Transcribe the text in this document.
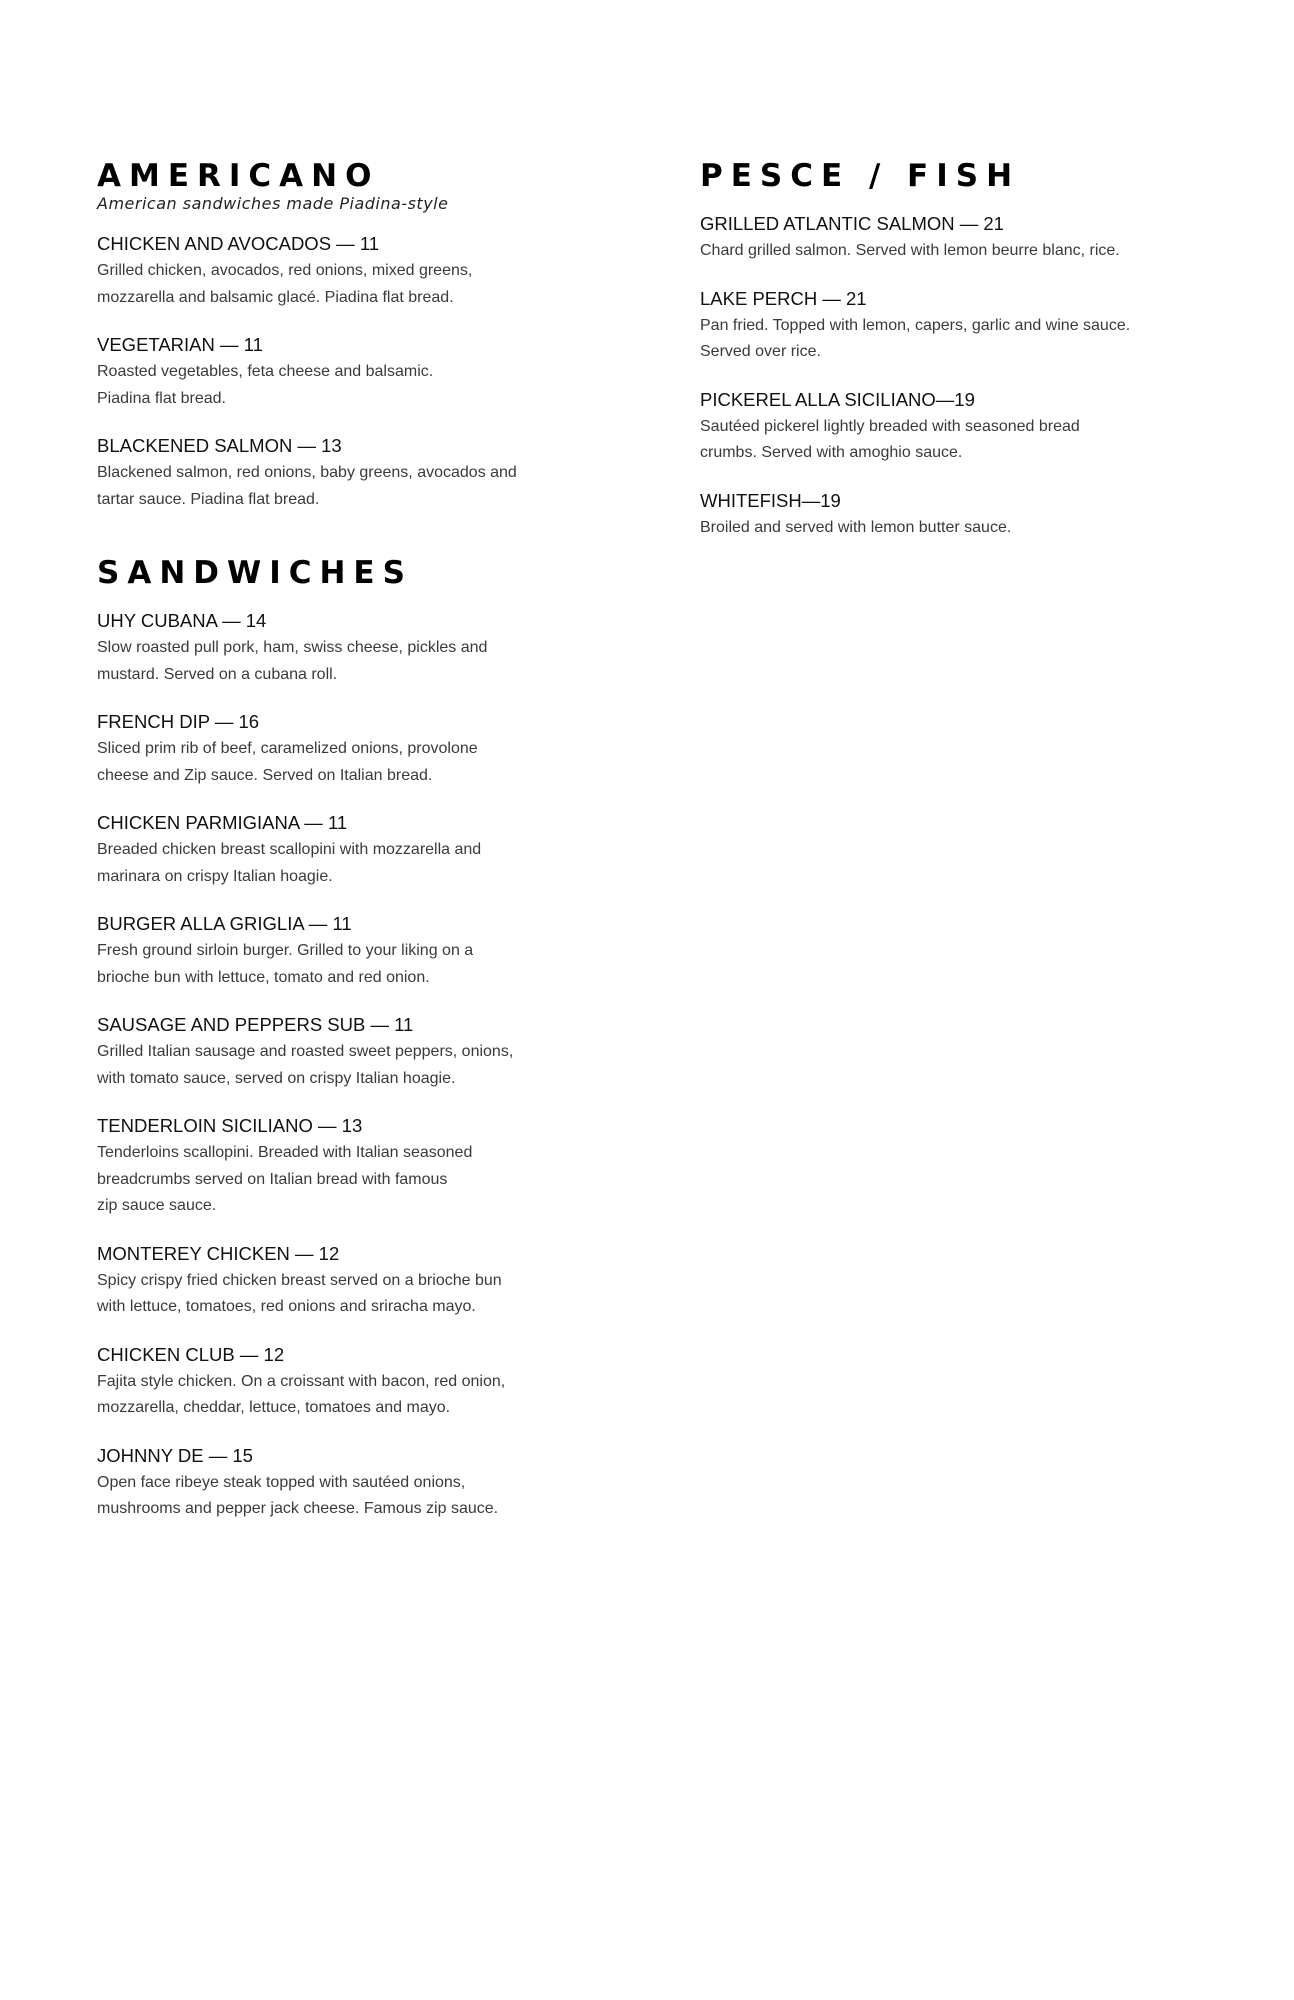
AMERICANO

American sandwiches made Piadina-style

CHICKEN AND AVOCADOS — 11

Grilled chicken, avocados, red onions, mixed greens,
mozzarella and balsamic glacé. Piadina flat bread.

VEGETARIAN — 11

Roasted vegetables, feta cheese and balsamic.
Piadina flat bread.

BLACKENED SALMON — 13

Blackened salmon, red onions, baby greens, avocados and
tartar sauce. Piadina flat bread.

SANDWICHES

UHY CUBANA — 14

Slow roasted pull pork, ham, swiss cheese, pickles and
mustard. Served on a cubana roll.

FRENCH DIP — 16

Sliced prim rib of beef, caramelized onions, provolone
cheese and Zip sauce. Served on Italian bread.

CHICKEN PARMIGIANA — 11

Breaded chicken breast scallopini with mozzarella and
marinara on crispy Italian hoagie.

BURGER ALLA GRIGLIA — 11

Fresh ground sirloin burger. Grilled to your liking on a
brioche bun with lettuce, tomato and red onion.

SAUSAGE AND PEPPERS SUB — 11

Grilled Italian sausage and roasted sweet peppers, onions,
with tomato sauce, served on crispy Italian hoagie.

TENDERLOIN SICILIANO — 13

Tenderloins scallopini. Breaded with Italian seasoned
breadcrumbs served on Italian bread with famous
zip sauce sauce.

MONTEREY CHICKEN — 12

Spicy crispy fried chicken breast served on a brioche bun
with lettuce, tomatoes, red onions and sriracha mayo.

CHICKEN CLUB — 12

Fajita style chicken. On a croissant with bacon, red onion,
mozzarella, cheddar, lettuce, tomatoes and mayo.

JOHNNY DE — 15

Open face ribeye steak topped with sautéed onions,
mushrooms and pepper jack cheese. Famous zip sauce.

PESCE / FISH

GRILLED ATLANTIC SALMON — 21

Chard grilled salmon. Served with lemon beurre blanc, rice.

LAKE PERCH — 21

Pan fried. Topped with lemon, capers, garlic and wine sauce.
Served over rice.

PICKEREL ALLA SICILIANO—19

Sautéed pickerel lightly breaded with seasoned bread
crumbs. Served with amoghio sauce.

WHITEFISH—19

Broiled and served with lemon butter sauce.
